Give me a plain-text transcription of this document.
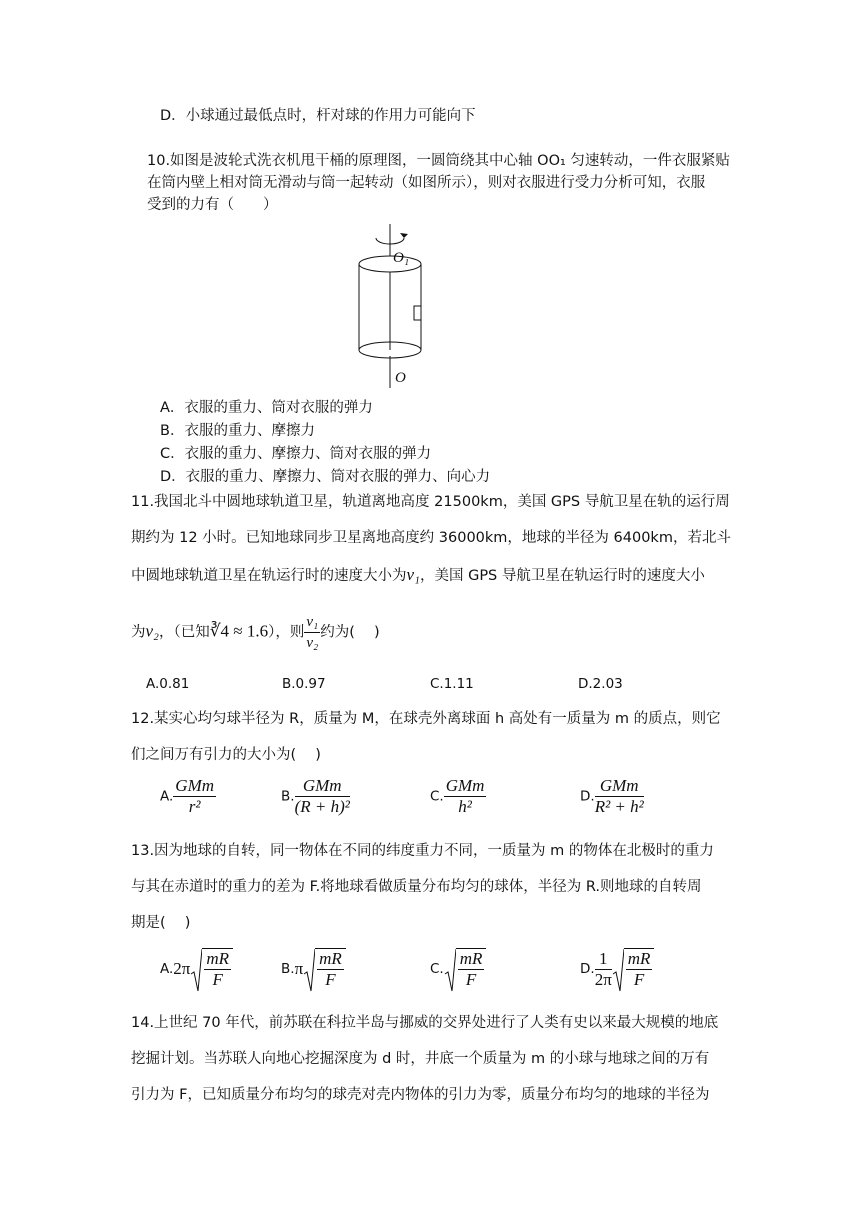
D．小球通过最低点时，杆对球的作用力可能向下
10.如图是波轮式洗衣机甩干桶的原理图，一圆筒绕其中心轴 OO₁ 匀速转动，一件衣服紧贴
在筒内壁上相对筒无滑动与筒一起转动（如图所示），则对衣服进行受力分析可知，衣服
受到的力有（　　）
O₁
O
A．衣服的重力、筒对衣服的弹力
B．衣服的重力、摩擦力
C．衣服的重力、摩擦力、筒对衣服的弹力
D．衣服的重力、摩擦力、筒对衣服的弹力、向心力
11.我国北斗中圆地球轨道卫星，轨道离地高度 21500km，美国 GPS 导航卫星在轨的运行周
期约为 12 小时。已知地球同步卫星离地高度约 36000km，地球的半径为 6400km，若北斗
中圆地球轨道卫星在轨运行时的速度大小为v₁，美国 GPS 导航卫星在轨运行时的速度大小
为v₂，（已知∛4 ≈ 1.6），则 $\frac{\text{v₁}}{\text{v₂}}$ 约为(　 )
A.0.81	B.0.97	C.1.11	D.2.03
12.某实心均匀球半径为 R，质量为 M，在球壳外离球面 h 高处有一质量为 m 的质点，则它
们之间万有引力的大小为(　 )
A. $\frac{\text{GMm}}{\text{r²}}$	B. $\frac{\text{GMm}}{\text{(R + h)²}}$	C. $\frac{\text{GMm}}{\text{h²}}$	D. $\frac{\text{GMm}}{\text{R² + h²}}$
13.因为地球的自转，同一物体在不同的纬度重力不同，一质量为 m 的物体在北极时的重力
与其在赤道时的重力的差为 F.将地球看做质量分布均匀的球体，半径为 R.则地球的自转周
期是(　 )
$A.2\pi \frac{mR}{F}$	$B.\pi \frac{mR}{F}$	C. $\frac{mR}{F}$	D. $\frac{1}{2\pi} \frac{mR}{F}$
14.上世纪 70 年代，前苏联在科拉半岛与挪威的交界处进行了人类有史以来最大规模的地底
挖掘计划。当苏联人向地心挖掘深度为 d 时，井底一个质量为 m 的小球与地球之间的万有
引力为 F，已知质量分布均匀的球壳对壳内物体的引力为零，质量分布均匀的地球的半径为
